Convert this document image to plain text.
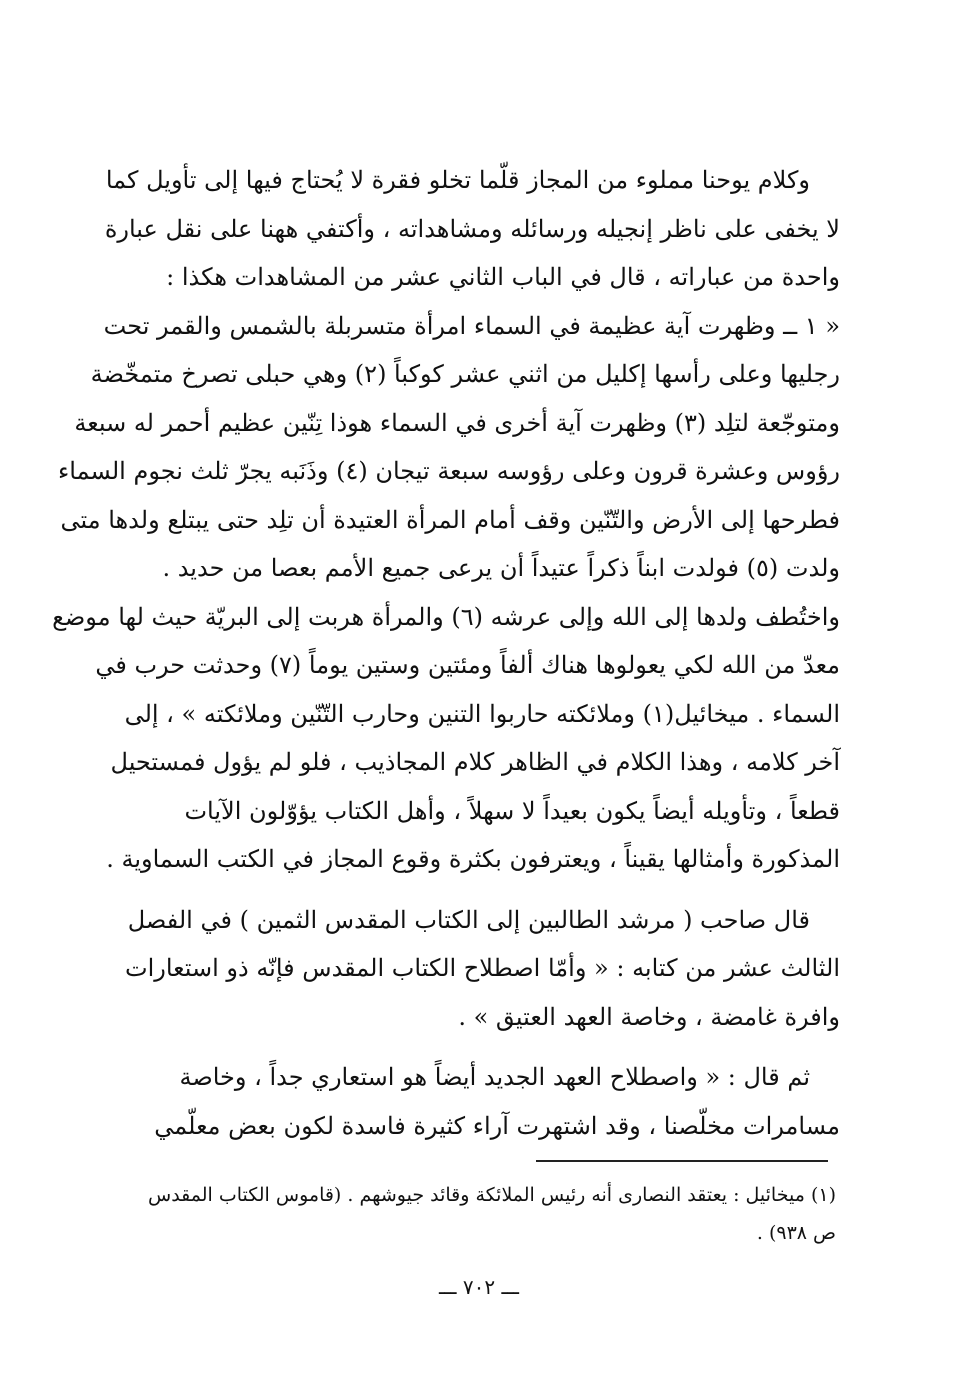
وكلام يوحنا مملوء من المجاز قلّما تخلو فقرة لا يُحتاج فيها إلى تأويل كما
لا يخفى على ناظر إنجيله ورسائله ومشاهداته ، وأكتفي ههنا على نقل عبارة
واحدة من عباراته ، قال في الباب الثاني عشر من المشاهدات هكذا :
« ١ ــ وظهرت آية عظيمة في السماء امرأة متسربلة بالشمس والقمر تحت
رجليها وعلى رأسها إكليل من اثني عشر كوكباً (٢) وهي حبلى تصرخ متمخّضة
ومتوجّعة لتلِد (٣) وظهرت آية أخرى في السماء هوذا تِنّين عظيم أحمر له سبعة
رؤوس وعشرة قرون وعلى رؤوسه سبعة تيجان (٤) وذَنَبه يجرّ ثلث نجوم السماء
فطرحها إلى الأرض والتّنّين وقف أمام المرأة العتيدة أن تلِد حتى يبتلع ولدها متى
ولدت (٥) فولدت ابناً ذكراً عتيداً أن يرعى جميع الأمم بعصا من حديد .
واختُطف ولدها إلى الله وإلى عرشه (٦) والمرأة هربت إلى البريّة حيث لها موضع
معدّ من الله لكي يعولوها هناك ألفاً ومئتين وستين يوماً (٧) وحدثت حرب في
السماء . ميخائيل(١) وملائكته حاربوا التنين وحارب التّنّين وملائكته » ، إلى
آخر كلامه ، وهذا الكلام في الظاهر كلام المجاذيب ، فلو لم يؤول فمستحيل
قطعاً ، وتأويله أيضاً يكون بعيداً لا سهلاً ، وأهل الكتاب يؤوّلون الآيات
المذكورة وأمثالها يقيناً ، ويعترفون بكثرة وقوع المجاز في الكتب السماوية .

قال صاحب ( مرشد الطالبين إلى الكتاب المقدس الثمين ) في الفصل
الثالث عشر من كتابه : « وأمّا اصطلاح الكتاب المقدس فإنّه ذو استعارات
وافرة غامضة ، وخاصة العهد العتيق » .

ثم قال : « واصطلاح العهد الجديد أيضاً هو استعاري جداً ، وخاصة
مسامرات مخلّصنا ، وقد اشتهرت آراء كثيرة فاسدة لكون بعض معلّمي

(١) ميخائيل : يعتقد النصارى أنه رئيس الملائكة وقائد جيوشهم . (قاموس الكتاب المقدس
ص ٩٣٨) .
ـــ ٧٠٢ ـــ
